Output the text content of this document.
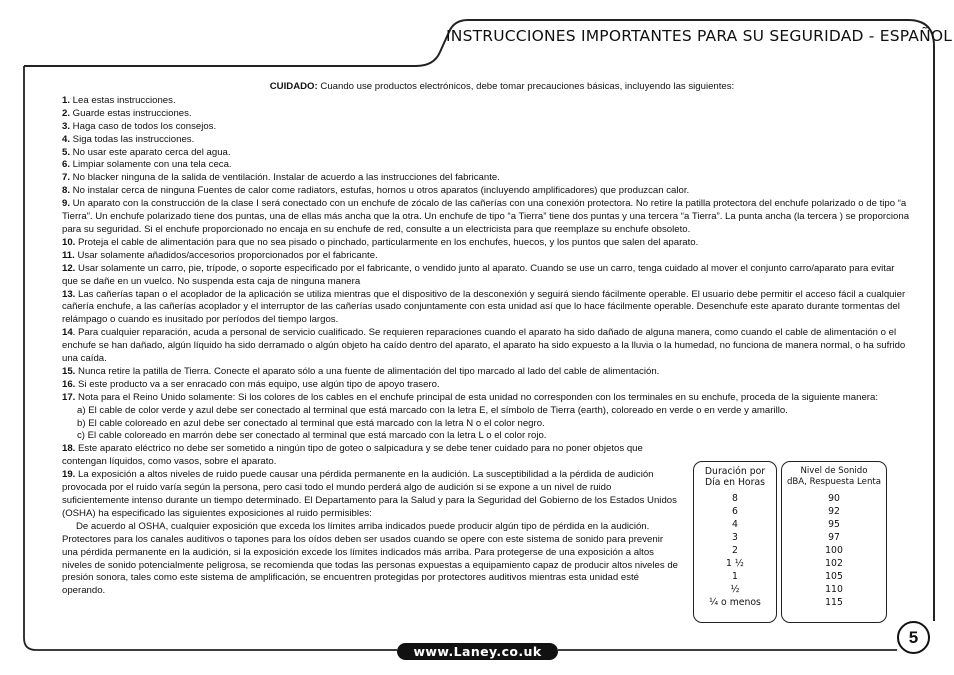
INSTRUCCIONES IMPORTANTES PARA SU SEGURIDAD - ESPAÑOL

CUIDADO: Cuando use productos electrónicos, debe tomar precauciones básicas, incluyendo las siguientes:

1. Lea estas instrucciones.

2. Guarde estas instrucciones.

3. Haga caso de todos los consejos.

4. Siga todas las instrucciones.

5. No usar este aparato cerca del agua.

6. Limpiar solamente con una tela ceca.

7. No blacker ninguna de la salida de ventilación. Instalar de acuerdo a las instrucciones del fabricante.

8. No instalar cerca de ninguna Fuentes de calor come radiators, estufas, hornos u otros aparatos (incluyendo amplificadores) que produzcan calor.

9. Un aparato con la construcción de la clase I será conectado con un enchufe de zócalo de las cañerías con una conexión protectora. No retire la patilla protectora del enchufe polarizado o de tipo “a Tierra”. Un enchufe polarizado tiene dos puntas, una de ellas más ancha que la otra. Un enchufe de tipo “a Tierra” tiene dos puntas y una tercera “a Tierra”. La punta ancha (la tercera ) se proporciona para su seguridad. Si el enchufe proporcionado no encaja en su enchufe de red, consulte a un electricista para que reemplaze su enchufe obsoleto.

10. Proteja el cable de alimentación para que no sea pisado o pinchado, particularmente en los enchufes, huecos, y los puntos que salen del aparato.

11. Usar solamente añadidos/accesorios proporcionados por el fabricante.

12. Usar solamente un carro, pie, trípode, o soporte especificado por el fabricante, o vendido junto al aparato. Cuando se use un carro, tenga cuidado al mover el conjunto carro/aparato para evitar que se dañe en un vuelco. No suspenda esta caja de ninguna manera

13. Las cañerías tapan o el acoplador de la aplicación se utiliza mientras que el dispositivo de la desconexión y seguirá siendo fácilmente operable. El usuario debe permitir el acceso fácil a cualquier cañería enchufe, a las cañerías acoplador y el interruptor de las cañerías usado conjuntamente con esta unidad así que lo hace fácilmente operable. Desenchufe este aparato durante tormentas del relámpago o cuando es inusitado por períodos del tiempo largos.

14. Para cualquier reparación, acuda a personal de servicio cualificado. Se requieren reparaciones cuando el aparato ha sido dañado de alguna manera, como cuando el cable de alimentación o el enchufe se han dañado, algún líquido ha sido derramado o algún objeto ha caído dentro del aparato, el aparato ha sido expuesto a la lluvia o la humedad, no funciona de manera normal, o ha sufrido una caída.

15. Nunca retire la patilla de Tierra. Conecte el aparato sólo a una fuente de alimentación del tipo marcado al lado del cable de alimentación.

16. Si este producto va a ser enracado con más equipo, use algún tipo de apoyo trasero.

17. Nota para el Reino Unido solamente: Si los colores de los cables en el enchufe principal de esta unidad no corresponden con los terminales en su enchufe, proceda de la siguiente manera:

a) El cable de color verde y azul debe ser conectado al terminal que está marcado con la letra E, el símbolo de Tierra (earth), coloreado en verde o en verde y amarillo.

b) El cable coloreado en azul debe ser conectado al terminal que está marcado con la letra N o el color negro.

c) El cable coloreado en marrón debe ser conectado al terminal que está marcado con la letra L o el color rojo.

18. Este aparato eléctrico no debe ser sometido a ningún tipo de goteo o salpicadura y se debe tener cuidado para no poner objetos que contengan líquidos, como vasos, sobre el aparato.

19. La exposición a altos niveles de ruido puede causar una pérdida permanente en la audición. La susceptibilidad a la pérdida de audición provocada por el ruido varía según la persona, pero casi todo el mundo perderá algo de audición si se expone a un nivel de ruido suficientemente intenso durante un tiempo determinado. El Departamento para la Salud y para la Seguridad del Gobierno de los Estados Unidos (OSHA) ha especificado las siguientes exposiciones al ruido permisibles:

De acuerdo al OSHA, cualquier exposición que exceda los límites arriba indicados puede producir algún tipo de pérdida en la audición. Protectores para los canales auditivos o tapones para los oídos deben ser usados cuando se opere con este sistema de sonido para prevenir una pérdida permanente en la audición, si la exposición excede los límites indicados más arriba. Para protegerse de una exposición a altos niveles de sonido potencialmente peligrosa, se recomienda que todas las personas expuestas a equipamiento capaz de producir altos niveles de presión sonora, tales como este sistema de amplificación, se encuentren protegidas por protectores auditivos mientras esta unidad esté operando.

Duración por
Día en Horas
8
6
4
3
2
1 ½
1
½
¼ o menos
Nivel de Sonido
dBA, Respuesta Lenta
90
92
95
97
100
102
105
110
115
5
www.Laney.co.uk
